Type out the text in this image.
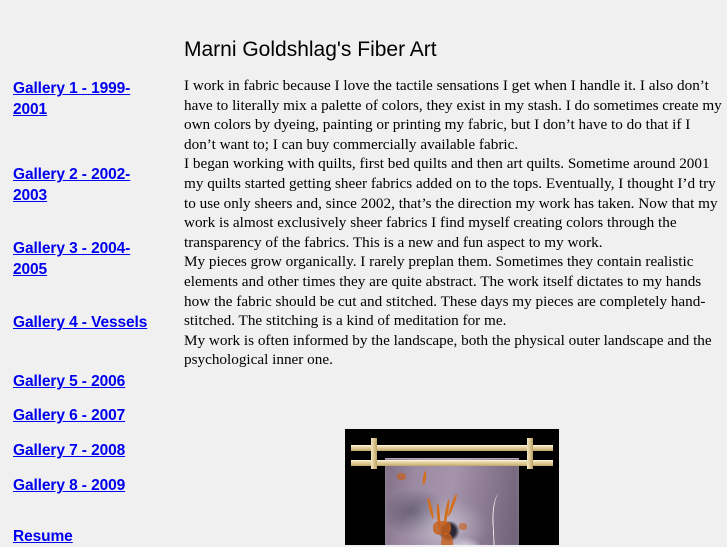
Gallery 1 - 1999-2001
Gallery 2 - 2002-2003
Gallery 3 - 2004-2005
Gallery 4 - Vessels
Gallery 5 - 2006
Gallery 6 - 2007
Gallery 7 - 2008
Gallery 8 - 2009
Resume
Marni Goldshlag's Fiber Art

I work in fabric because I love the tactile sensations I get when I handle it. I also don’t have to literally mix a palette of colors, they exist in my stash. I do sometimes create my own colors by dyeing, painting or printing my fabric, but I don’t have to do that if I don’t want to; I can buy commercially available fabric.

I began working with quilts, first bed quilts and then art quilts. Sometime around 2001 my quilts started getting sheer fabrics added on to the tops. Eventually, I thought I’d try to use only sheers and, since 2002, that’s the direction my work has taken. Now that my work is almost exclusively sheer fabrics I find myself creating colors through the transparency of the fabrics. This is a new and fun aspect to my work.

My pieces grow organically. I rarely preplan them. Sometimes they contain realistic elements and other times they are quite abstract. The work itself dictates to my hands how the fabric should be cut and stitched. These days my pieces are completely hand-stitched. The stitching is a kind of meditation for me.

My work is often informed by the landscape, both the physical outer landscape and the psychological inner one.
